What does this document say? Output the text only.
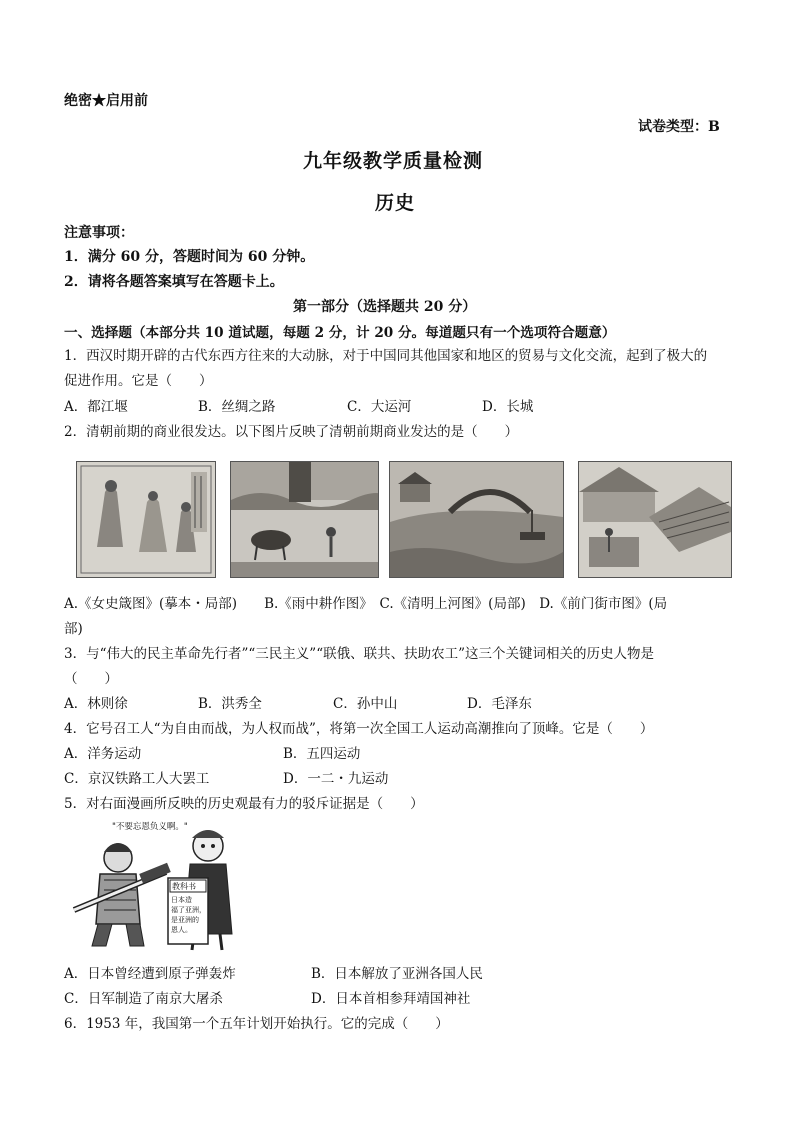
绝密★启用前
试卷类型：B
九年级教学质量检测
历史
注意事项：
1．满分 60 分，答题时间为 60 分钟。
2．请将各题答案填写在答题卡上。
第一部分（选择题共 20 分）
一、选择题（本部分共 10 道试题，每题 2 分，计 20 分。每道题只有一个选项符合题意）
1．西汉时期开辟的古代东西方往来的大动脉，对于中国同其他国家和地区的贸易与文化交流，起到了极大的
促进作用。它是（　　）
A．都江堰	B．丝绸之路	C．大运河	D．长城
2．清朝前期的商业很发达。以下图片反映了清朝前期商业发达的是（　　）
A.《女史箴图》(摹本・局部)　　B.《雨中耕作图》　C.《清明上河图》(局部)　D.《前门街市图》(局
部)
3．与“伟大的民主革命先行者”“三民主义”“联俄、联共、扶助农工”这三个关键词相关的历史人物是
（　　）
A．林则徐	B．洪秀全	C．孙中山	D．毛泽东
4．它号召工人“为自由而战，为人权而战”，将第一次全国工人运动高潮推向了顶峰。它是（　　）
A．洋务运动	B．五四运动
C．京汉铁路工人大罢工	D．一二・九运动
5．对右面漫画所反映的历史观最有力的驳斥证据是（　　）
"不要忘恩负义啊。"
教科书
日本造
福了亚洲，
是亚洲的
恩人。
A．日本曾经遭到原子弹轰炸	B．日本解放了亚洲各国人民
C．日军制造了南京大屠杀	D．日本首相参拜靖国神社
6．1953 年，我国第一个五年计划开始执行。它的完成（　　）
